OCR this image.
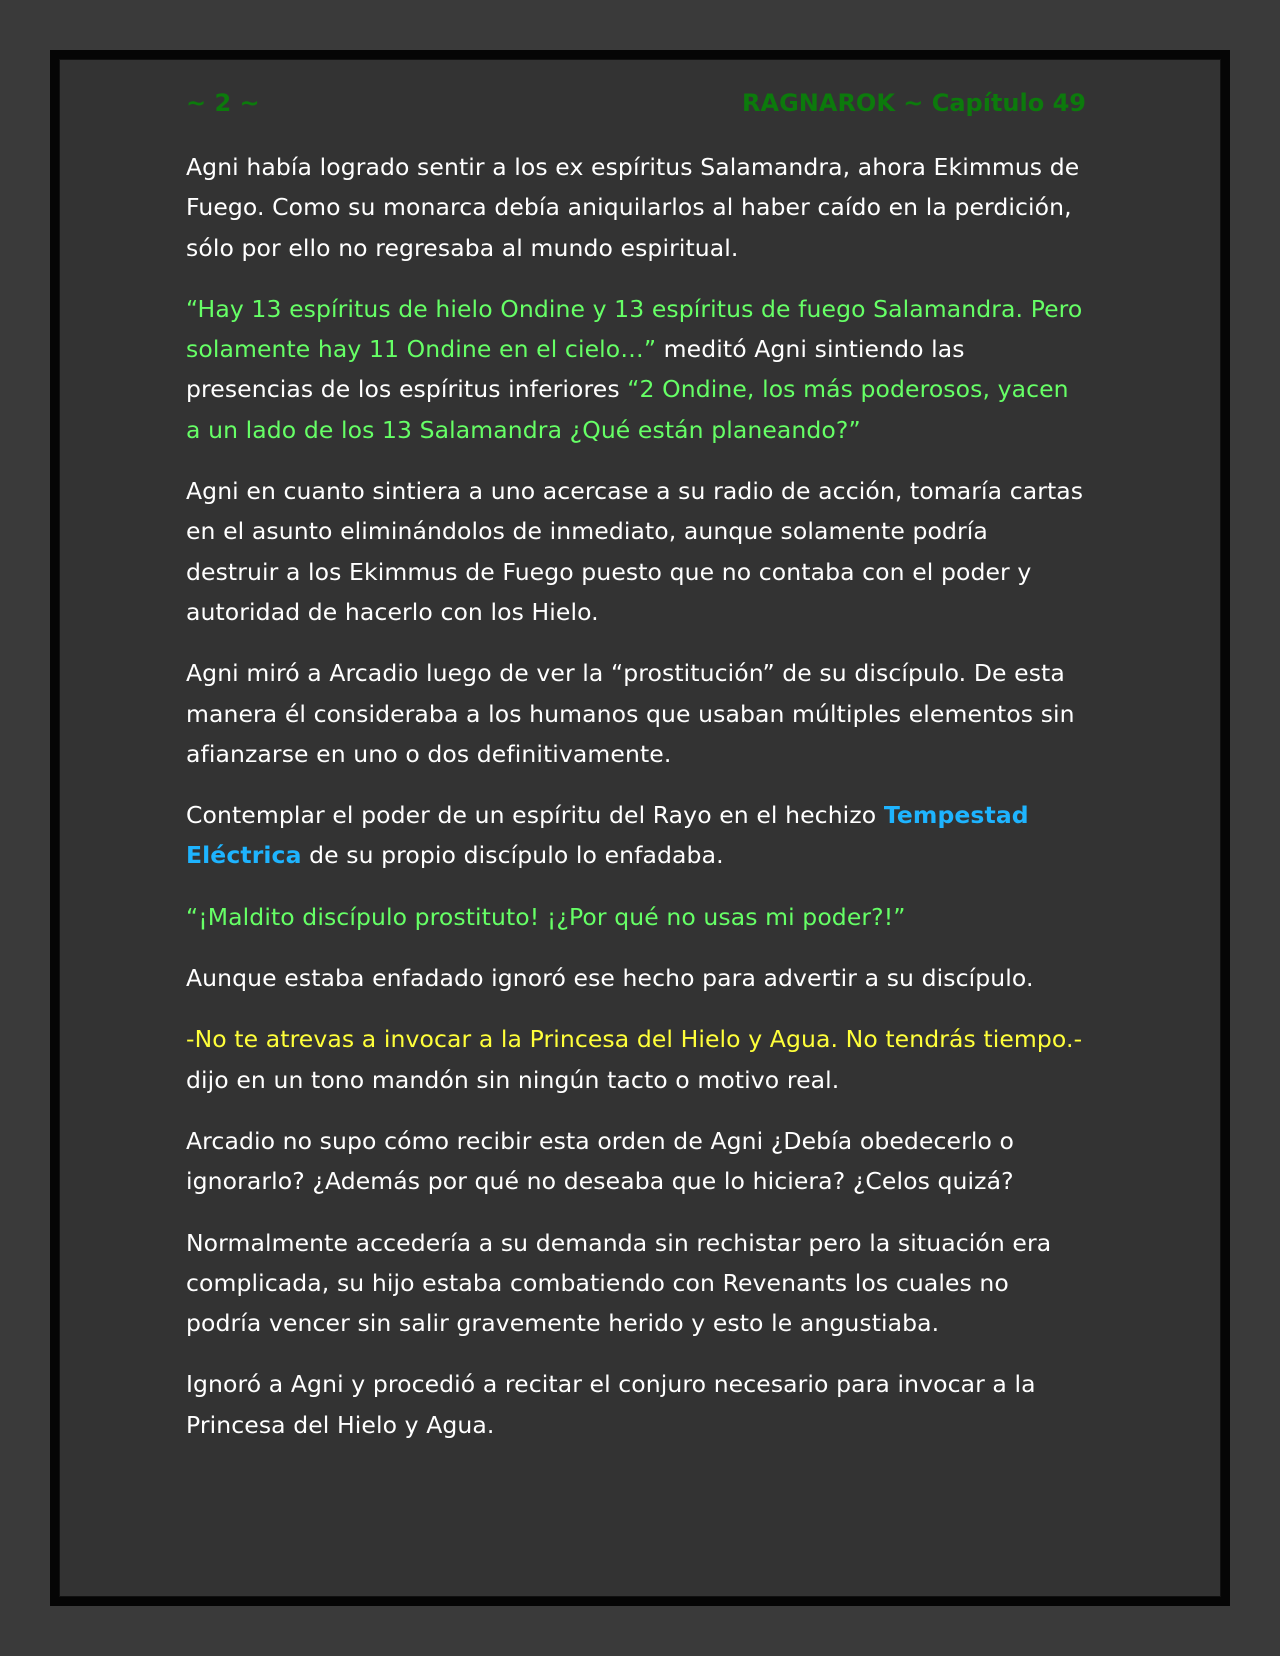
~ 2 ~	RAGNAROK ~ Capítulo 49

Agni había logrado sentir a los ex espíritus Salamandra, ahora Ekimmus de Fuego. Como su monarca debía aniquilarlos al haber caído en la perdición, sólo por ello no regresaba al mundo espiritual.

“Hay 13 espíritus de hielo Ondine y 13 espíritus de fuego Salamandra. Pero solamente hay 11 Ondine en el cielo…” meditó Agni sintiendo las presencias de los espíritus inferiores “2 Ondine, los más poderosos, yacen a un lado de los 13 Salamandra ¿Qué están planeando?”

Agni en cuanto sintiera a uno acercase a su radio de acción, tomaría cartas en el asunto eliminándolos de inmediato, aunque solamente podría destruir a los Ekimmus de Fuego puesto que no contaba con el poder y autoridad de hacerlo con los Hielo.

Agni miró a Arcadio luego de ver la “prostitución” de su discípulo. De esta manera él consideraba a los humanos que usaban múltiples elementos sin afianzarse en uno o dos definitivamente.

Contemplar el poder de un espíritu del Rayo en el hechizo Tempestad Eléctrica de su propio discípulo lo enfadaba.

“¡Maldito discípulo prostituto! ¡¿Por qué no usas mi poder?!”

Aunque estaba enfadado ignoró ese hecho para advertir a su discípulo.

-No te atrevas a invocar a la Princesa del Hielo y Agua. No tendrás tiempo.- dijo en un tono mandón sin ningún tacto o motivo real.

Arcadio no supo cómo recibir esta orden de Agni ¿Debía obedecerlo o ignorarlo? ¿Además por qué no deseaba que lo hiciera? ¿Celos quizá?

Normalmente accedería a su demanda sin rechistar pero la situación era complicada, su hijo estaba combatiendo con Revenants los cuales no podría vencer sin salir gravemente herido y esto le angustiaba.

Ignoró a Agni y procedió a recitar el conjuro necesario para invocar a la Princesa del Hielo y Agua.
